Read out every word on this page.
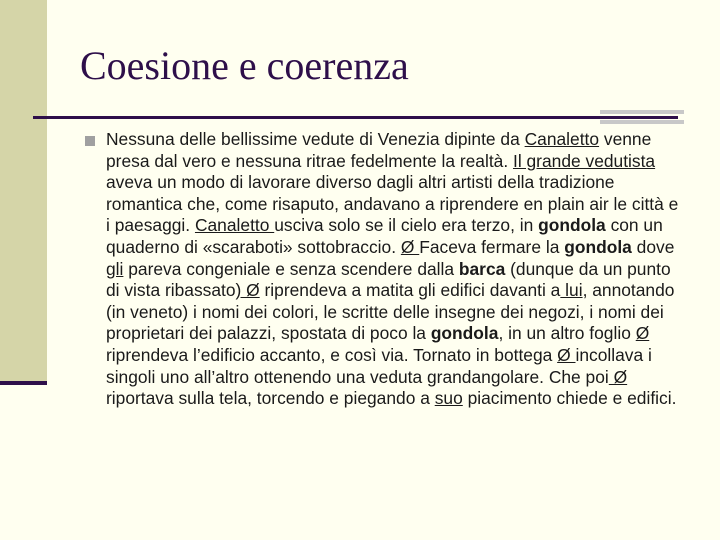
Coesione e coerenza
Nessuna delle bellissime vedute di Venezia dipinte da Canaletto venne presa dal vero e nessuna ritrae fedelmente la realtà. Il grande vedutista aveva un modo di lavorare diverso dagli altri artisti della tradizione romantica che, come risaputo, andavano a riprendere en plain air le città e i paesaggi. Canaletto usciva solo se il cielo era terzo, in gondola con un quaderno di «scaraboti» sottobraccio. Ø Faceva fermare la gondola dove gli pareva congeniale e senza scendere dalla barca (dunque da un punto di vista ribassato) Ø riprendeva a matita gli edifici davanti a lui, annotando (in veneto) i nomi dei colori, le scritte delle insegne dei negozi, i nomi dei proprietari dei palazzi, spostata di poco la gondola, in un altro foglio Ø riprendeva l’edificio accanto, e così via. Tornato in bottega Ø incollava i singoli uno all’altro ottenendo una veduta grandangolare. Che poi Ø riportava sulla tela, torcendo e piegando a suo piacimento chiede e edifici.
